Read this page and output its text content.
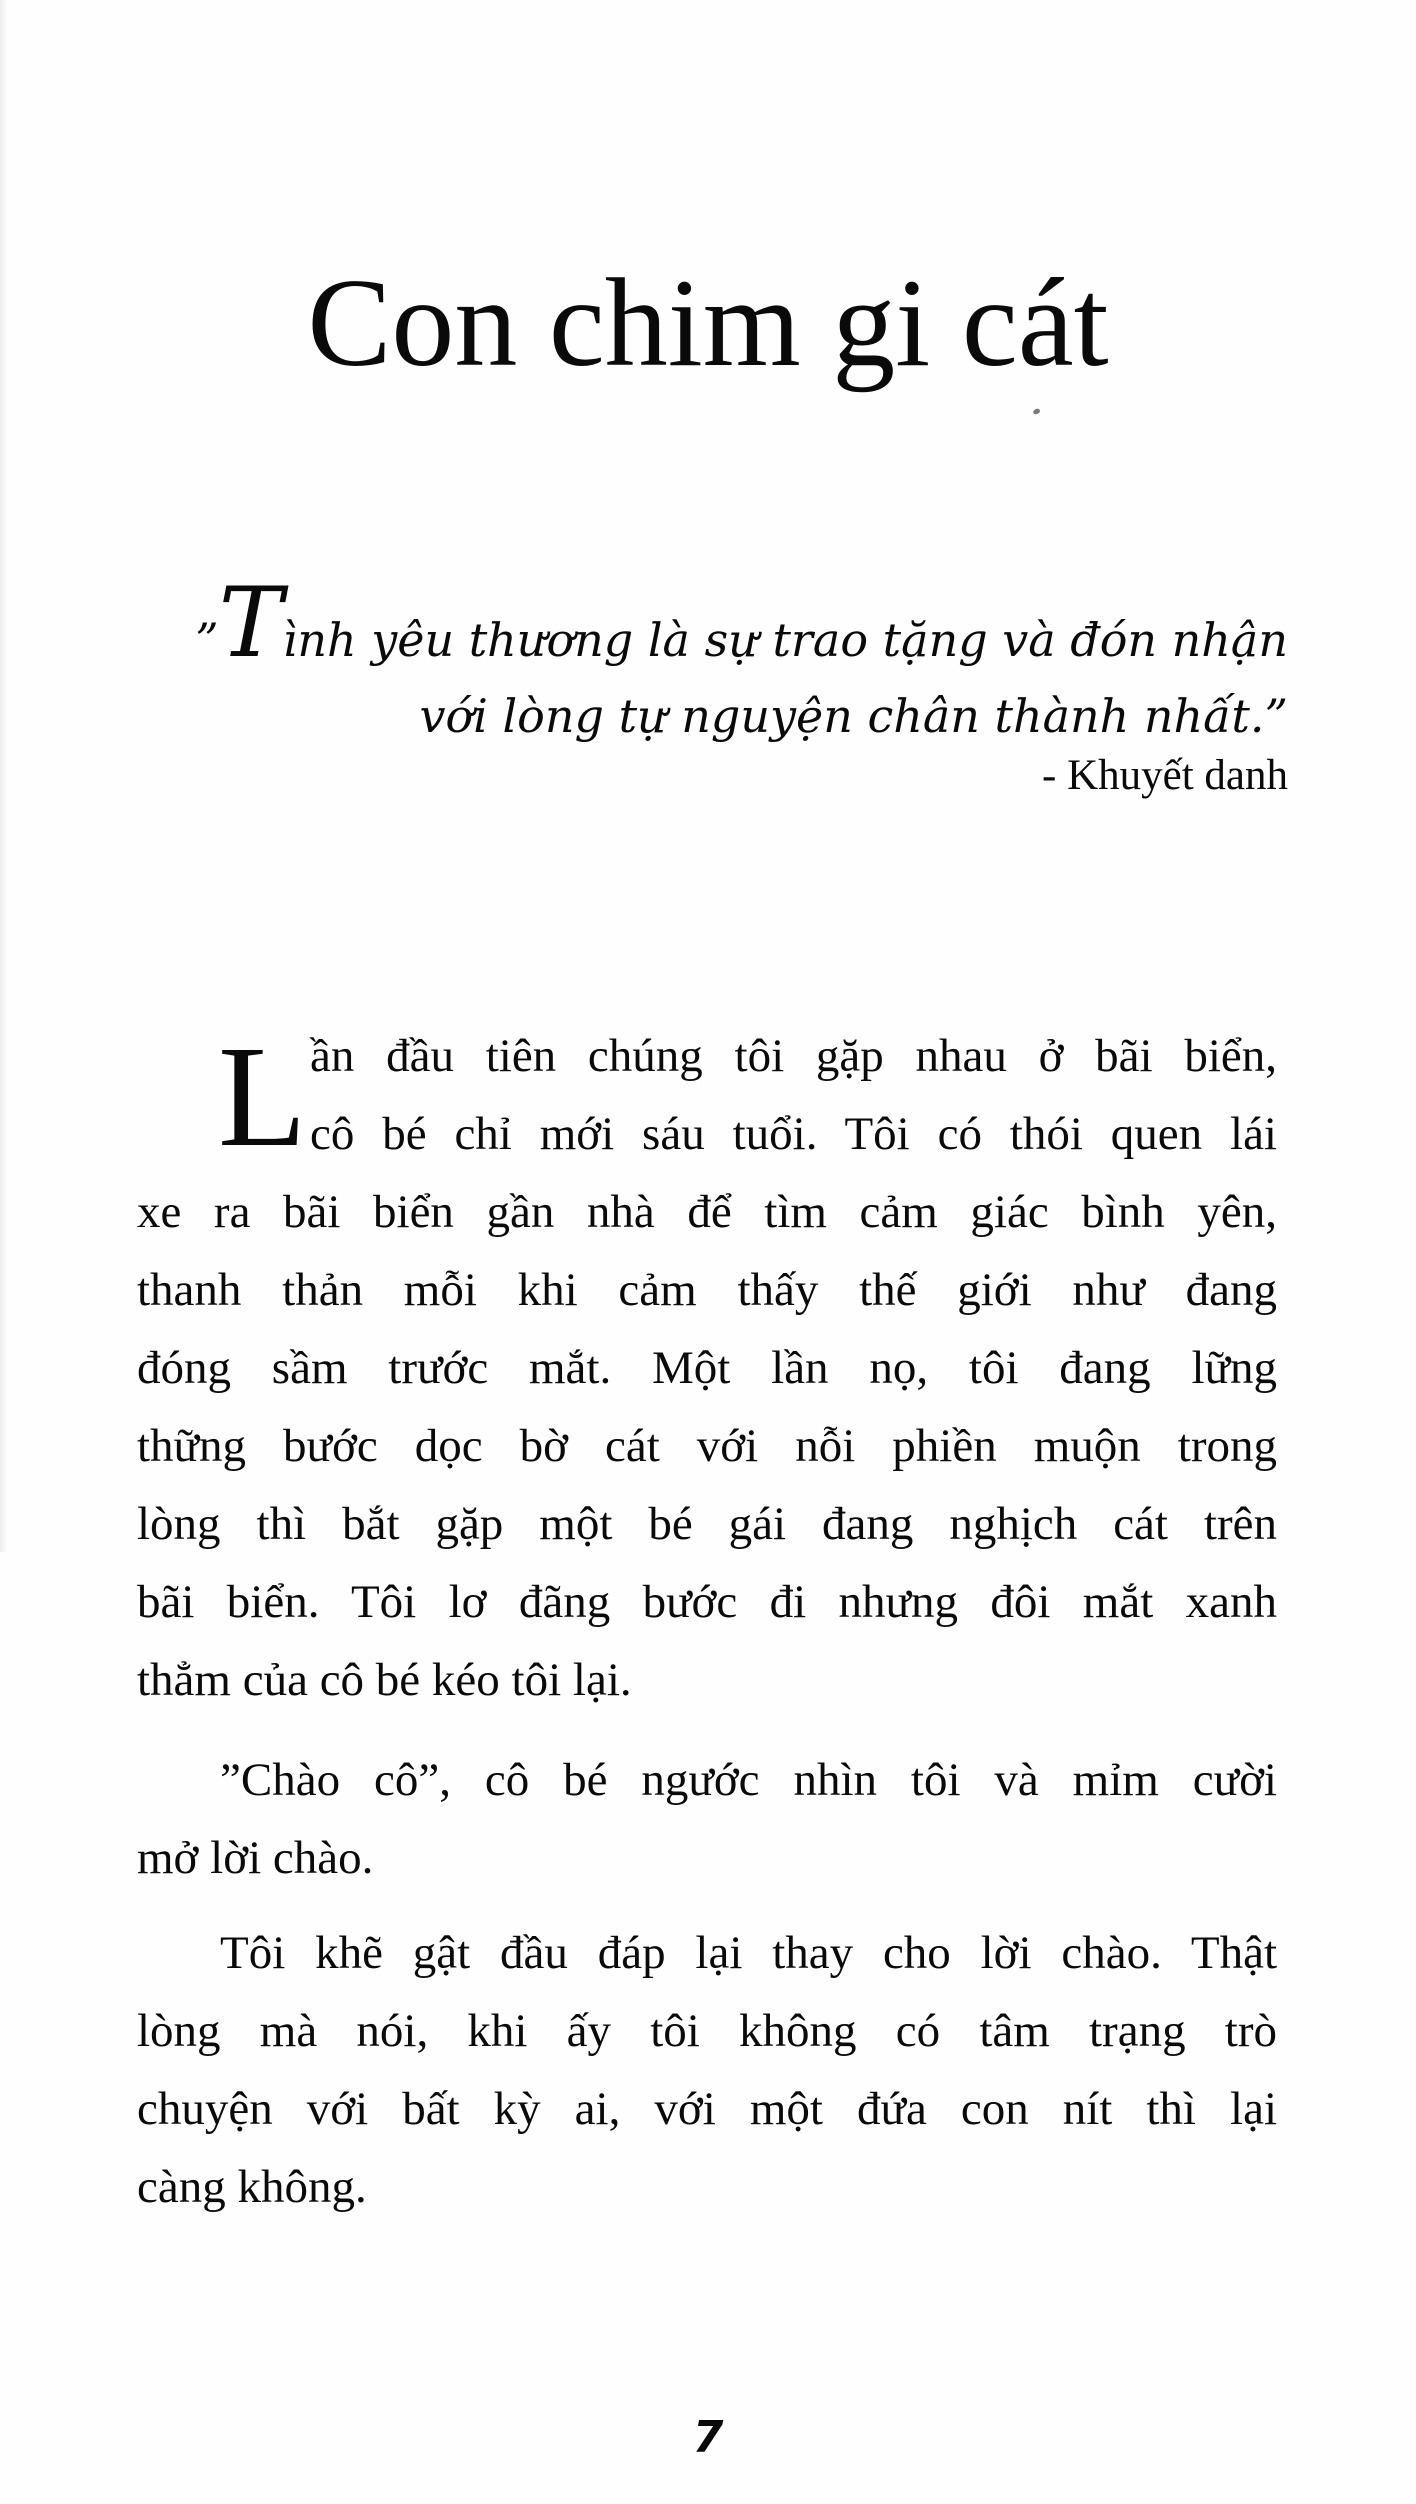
Con chim gi cát
”Tình yêu thương là sự trao tặng và đón nhận
với lòng tự nguyện chân thành nhất.”
- Khuyết danh
L ần đầu tiên chúng tôi gặp nhau ở bãi biển,
cô bé chỉ mới sáu tuổi. Tôi có thói quen lái
xe ra bãi biển gần nhà để tìm cảm giác bình yên,
thanh thản mỗi khi cảm thấy thế giới như đang
đóng sầm trước mắt. Một lần nọ, tôi đang lững
thững bước dọc bờ cát với nỗi phiền muộn trong
lòng thì bắt gặp một bé gái đang nghịch cát trên
bãi biển. Tôi lơ đãng bước đi nhưng đôi mắt xanh
thẳm của cô bé kéo tôi lại.
”Chào cô”, cô bé ngước nhìn tôi và mỉm cười
mở lời chào.
Tôi khẽ gật đầu đáp lại thay cho lời chào. Thật
lòng mà nói, khi ấy tôi không có tâm trạng trò
chuyện với bất kỳ ai, với một đứa con nít thì lại
càng không.
7
